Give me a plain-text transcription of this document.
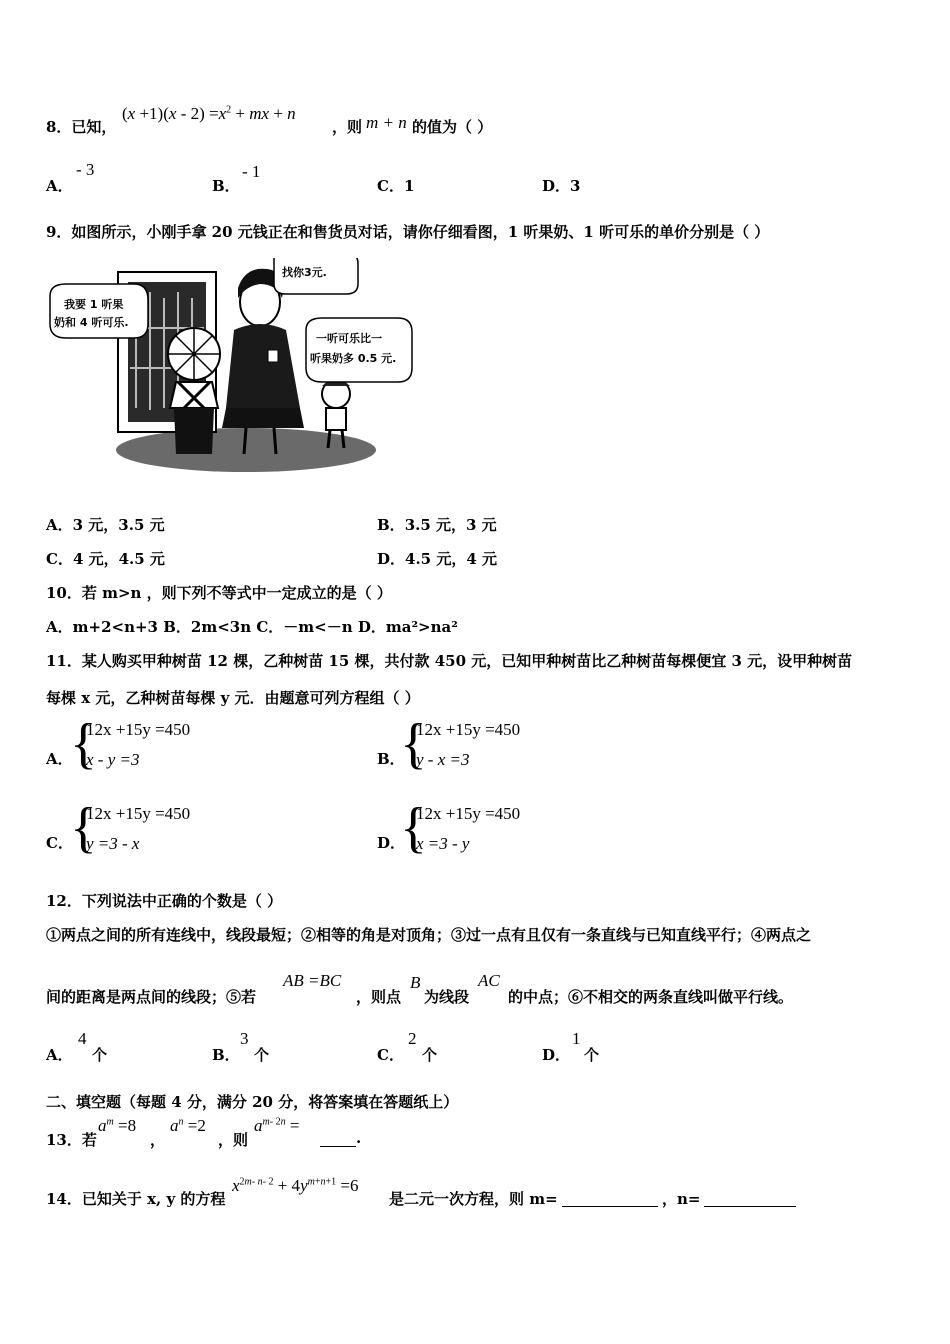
8．已知，
$(x +1)(x - 2) =x^2$ + mx + n
，则 m + n 的值为（ ）
A．
- 3
B．
- 1
C．1	D．3
9．如图所示，小刚手拿 20 元钱正在和售货员对话，请你仔细看图，1 听果奶、1 听可乐的单价分别是（ ）
我要 1 听果
奶和 4 听可乐.
找你3元.
一听可乐比一
听果奶多 0.5 元.
A．3 元，3.5 元	B．3.5 元，3 元
C．4 元，4.5 元	D．4.5 元，4 元
10．若 m>n ，则下列不等式中一定成立的是（ ）
A．m+2<n+3 B．2m<3n C．－m<－n D．ma²>na²
11．某人购买甲种树苗 12 棵，乙种树苗 15 棵，共付款 450 元，已知甲种树苗比乙种树苗每棵便宜 3 元，设甲种树苗
每棵 x 元，乙种树苗每棵 y 元．由题意可列方程组（ ）
A．
{
12x +15y =450
x - y =3	B．
{
12x +15y =450
y - x =3
C．
{
12x +15y =450
y =3 - x	D．
{
12x +15y =450
x =3 - y
12．下列说法中正确的个数是（ ）
①两点之间的所有连线中，线段最短；②相等的角是对顶角；③过一点有且仅有一条直线与已知直线平行；④两点之
间的距离是两点间的线段；⑤若
AB =BC
，则点
B
为线段
AC
的中点；⑥不相交的两条直线叫做平行线。
A．
4
个	B．
3
个	C．
2
个	D．
1
个
二、填空题（每题 4 分，满分 20 分，将答案填在答题纸上）
13．若
$a^m =8$
，
$a^n =2$
，则
$a^{m- 2n}$ =
.
14．已知关于 x, y 的方程
$x^{2m- n- 2} + 4y^{m+n+1} =6$
是二元一次方程，则 m=	，n=
